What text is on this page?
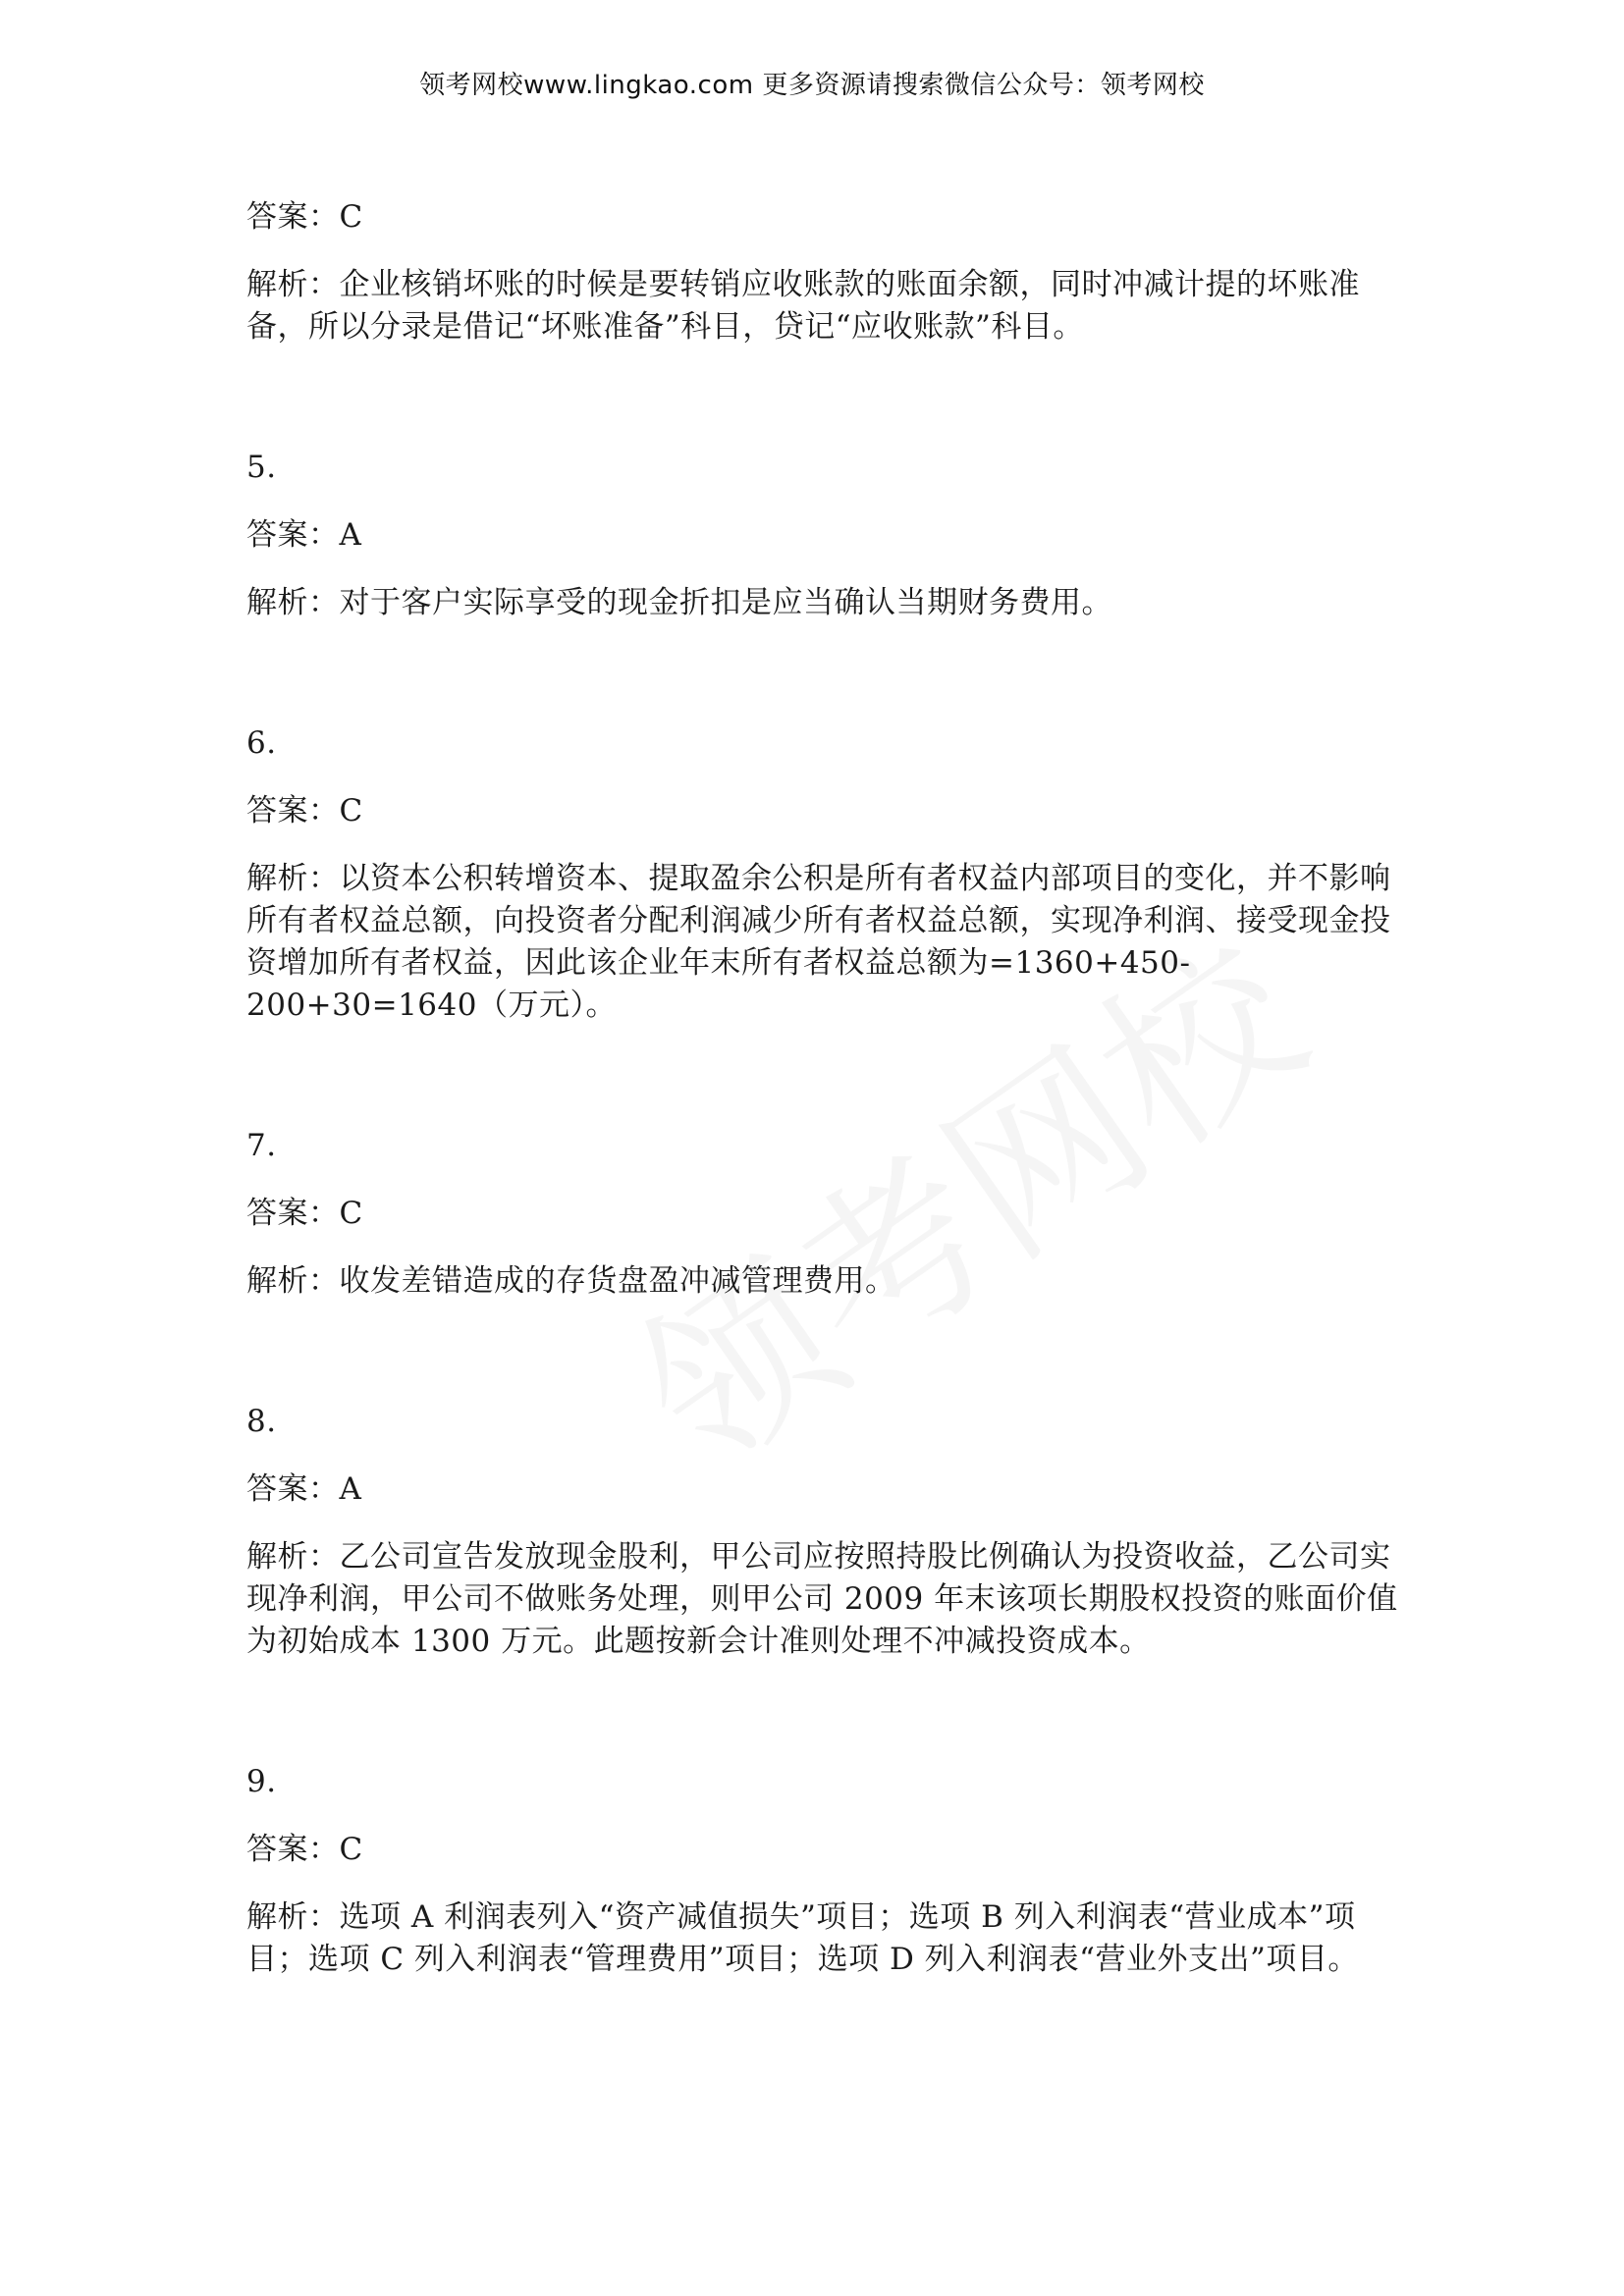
领考网校www.lingkao.com 更多资源请搜索微信公众号：领考网校

答案：C

解析：企业核销坏账的时候是要转销应收账款的账面余额，同时冲减计提的坏账准备，所以分录是借记“坏账准备”科目，贷记“应收账款”科目。

5.

答案：A

解析：对于客户实际享受的现金折扣是应当确认当期财务费用。

6.

答案：C

解析：以资本公积转增资本、提取盈余公积是所有者权益内部项目的变化，并不影响所有者权益总额，向投资者分配利润减少所有者权益总额，实现净利润、接受现金投资增加所有者权益，因此该企业年末所有者权益总额为=1360+450-200+30=1640（万元）。

7.

答案：C

解析：收发差错造成的存货盘盈冲减管理费用。

8.

答案：A

解析：乙公司宣告发放现金股利，甲公司应按照持股比例确认为投资收益，乙公司实现净利润，甲公司不做账务处理，则甲公司 2009 年末该项长期股权投资的账面价值为初始成本 1300 万元。此题按新会计准则处理不冲减投资成本。

9.

答案：C

解析：选项 A 利润表列入“资产减值损失”项目；选项 B 列入利润表“营业成本”项目；选项 C 列入利润表“管理费用”项目；选项 D 列入利润表“营业外支出”项目。
